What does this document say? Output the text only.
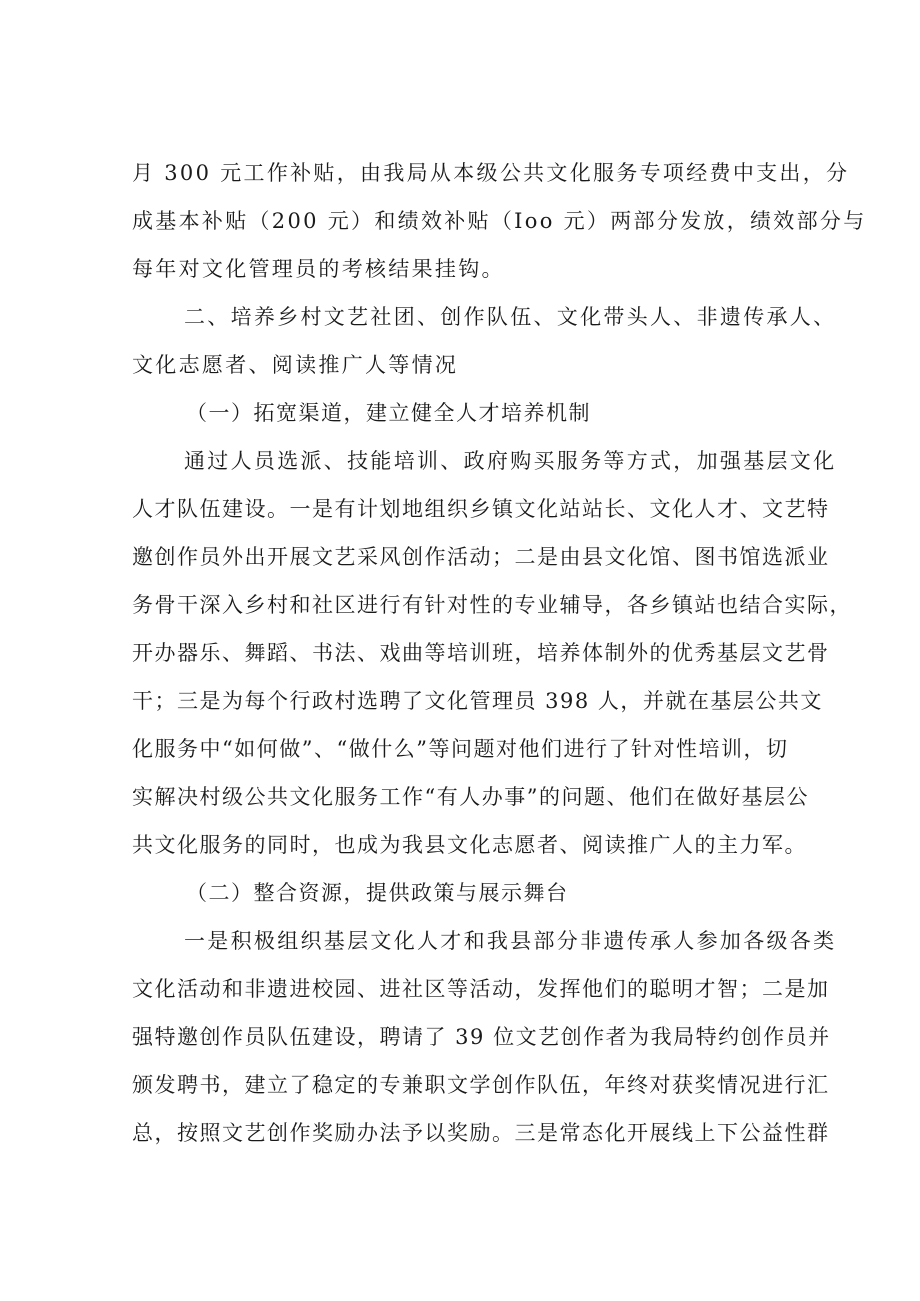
月 300 元工作补贴，由我局从本级公共文化服务专项经费中支出，分
成基本补贴（200 元）和绩效补贴（Ioo 元）两部分发放，绩效部分与
每年对文化管理员的考核结果挂钩。
二、培养乡村文艺社团、创作队伍、文化带头人、非遗传承人、
文化志愿者、阅读推广人等情况
（一）拓宽渠道，建立健全人才培养机制
通过人员选派、技能培训、政府购买服务等方式，加强基层文化
人才队伍建设。一是有计划地组织乡镇文化站站长、文化人才、文艺特
邀创作员外出开展文艺采风创作活动；二是由县文化馆、图书馆选派业
务骨干深入乡村和社区进行有针对性的专业辅导，各乡镇站也结合实际，
开办器乐、舞蹈、书法、戏曲等培训班，培养体制外的优秀基层文艺骨
干；三是为每个行政村选聘了文化管理员 398 人，并就在基层公共文
化服务中“如何做”、“做什么”等问题对他们进行了针对性培训，切
实解决村级公共文化服务工作“有人办事”的问题、他们在做好基层公
共文化服务的同时，也成为我县文化志愿者、阅读推广人的主力军。
（二）整合资源，提供政策与展示舞台
一是积极组织基层文化人才和我县部分非遗传承人参加各级各类
文化活动和非遗进校园、进社区等活动，发挥他们的聪明才智；二是加
强特邀创作员队伍建设，聘请了 39 位文艺创作者为我局特约创作员并
颁发聘书，建立了稳定的专兼职文学创作队伍，年终对获奖情况进行汇
总，按照文艺创作奖励办法予以奖励。三是常态化开展线上下公益性群
